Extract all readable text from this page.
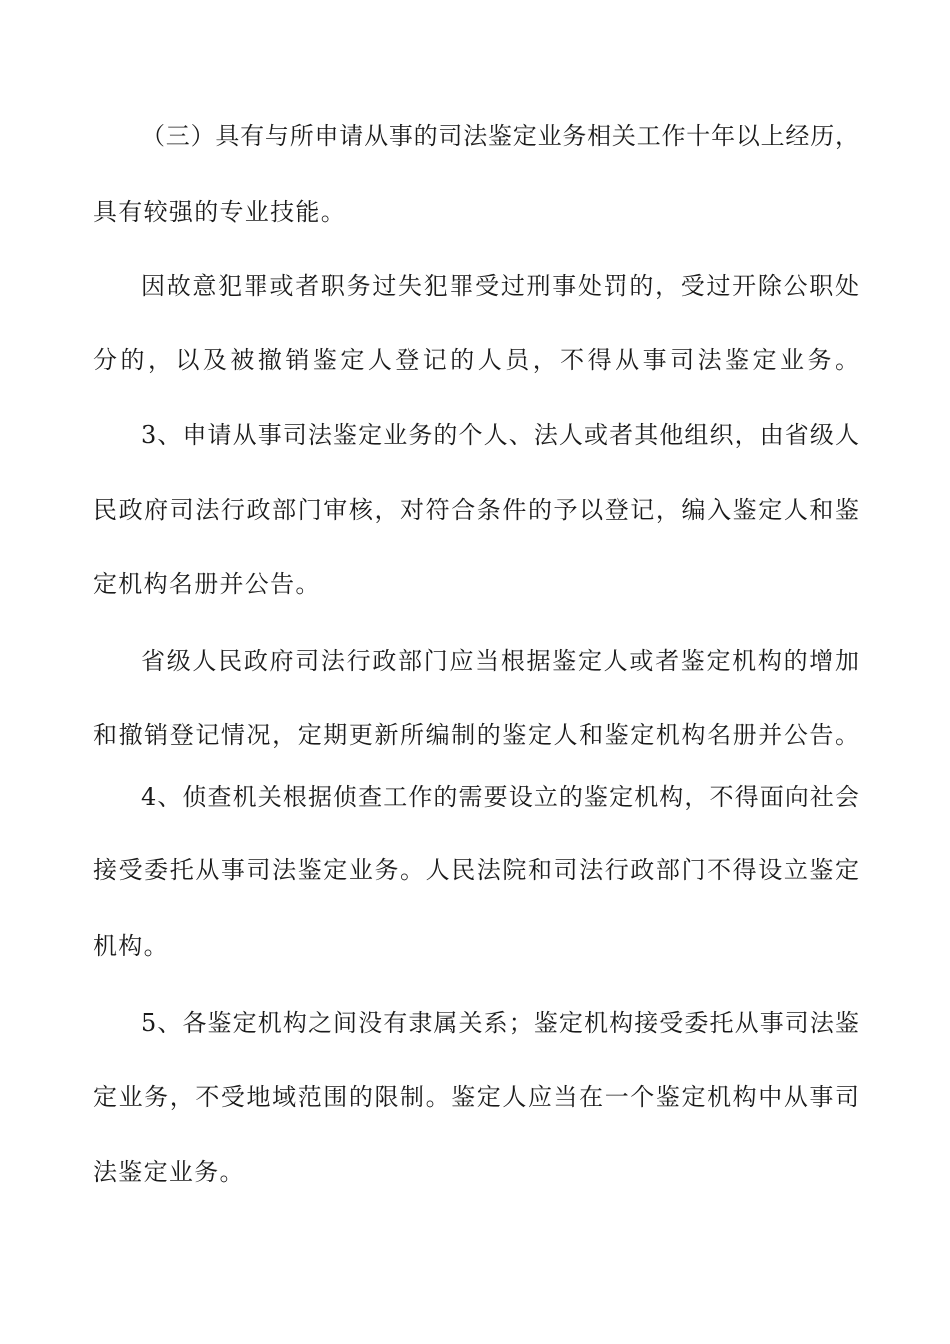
（三）具有与所申请从事的司法鉴定业务相关工作十年以上经历，
具有较强的专业技能。
因故意犯罪或者职务过失犯罪受过刑事处罚的，受过开除公职处
分的，以及被撤销鉴定人登记的人员，不得从事司法鉴定业务。
3、申请从事司法鉴定业务的个人、法人或者其他组织，由省级人
民政府司法行政部门审核，对符合条件的予以登记，编入鉴定人和鉴
定机构名册并公告。
省级人民政府司法行政部门应当根据鉴定人或者鉴定机构的增加
和撤销登记情况，定期更新所编制的鉴定人和鉴定机构名册并公告。
4、侦查机关根据侦查工作的需要设立的鉴定机构，不得面向社会
接受委托从事司法鉴定业务。人民法院和司法行政部门不得设立鉴定
机构。
5、各鉴定机构之间没有隶属关系；鉴定机构接受委托从事司法鉴
定业务，不受地域范围的限制。鉴定人应当在一个鉴定机构中从事司
法鉴定业务。
